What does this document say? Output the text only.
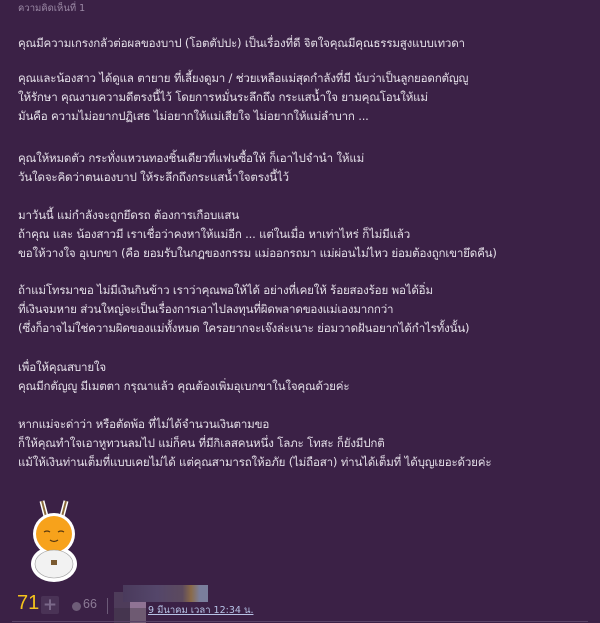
ความคิดเห็นที่ 1
คุณมีความเกรงกลัวต่อผลของบาป (โอตตัปปะ) เป็นเรื่องที่ดี จิตใจคุณมีคุณธรรมสูงแบบเทวดา
คุณและน้องสาว ได้ดูแล ตายาย ที่เลี้ยงดูมา / ช่วยเหลือแม่สุดกำลังที่มี นับว่าเป็นลูกยอดกตัญญู
ให้รักษา คุณงามความดีตรงนี้ไว้ โดยการหมั่นระลึกถึง กระแสน้ำใจ ยามคุณโอนให้แม่
มันคือ ความไม่อยากปฏิเสธ ไม่อยากให้แม่เสียใจ ไม่อยากให้แม่ลำบาก ...
คุณให้หมดตัว กระทั่งแหวนทองชิ้นเดียวที่แฟนซื้อให้ ก็เอาไปจำนำ ให้แม่
วันใดจะคิดว่าตนเองบาป ให้ระลึกถึงกระแสน้ำใจตรงนี้ไว้
มาวันนี้ แม่กำลังจะถูกยึดรถ ต้องการเกือบแสน
ถ้าคุณ และ น้องสาวมี เราเชื่อว่าคงหาให้แม่อีก ... แต่ในเมื่อ หาเท่าไหร่ ก็ไม่มีแล้ว
ขอให้วางใจ อุเบกขา (คือ ยอมรับในกฎของกรรม แม่ออกรถมา แม่ผ่อนไม่ไหว ย่อมต้องถูกเขายึดคืน)
ถ้าแม่โทรมาขอ ไม่มีเงินกินข้าว เราว่าคุณพอให้ได้ อย่างที่เคยให้ ร้อยสองร้อย พอได้อิ่ม
ที่เงินจมหาย ส่วนใหญ่จะเป็นเรื่องการเอาไปลงทุนที่ผิดพลาดของแม่เองมากกว่า
(ซึ่งก็อาจไม่ใช่ความผิดของแม่ทั้งหมด ใครอยากจะเจ๊งล่ะเนาะ ย่อมวาดฝันอยากได้กำไรทั้งนั้น)
เพื่อให้คุณสบายใจ
คุณมีกตัญญู มีเมตตา กรุณาแล้ว คุณต้องเพิ่มอุเบกขาในใจคุณด้วยค่ะ
หากแม่จะด่าว่า หรือตัดพ้อ ที่ไม่ได้จำนวนเงินตามขอ
ก็ให้คุณทำใจเอาหูทวนลมไป แม่ก็คน ที่มีกิเลสคนหนึ่ง โลภะ โทสะ ก็ยังมีปกติ
แม้ให้เงินท่านเต็มที่แบบเคยไม่ได้ แต่คุณสามารถให้อภัย (ไม่ถือสา) ท่านได้เต็มที่ ได้บุญเยอะด้วยค่ะ
71 + 66	9 มีนาคม เวลา 12:34 น.
